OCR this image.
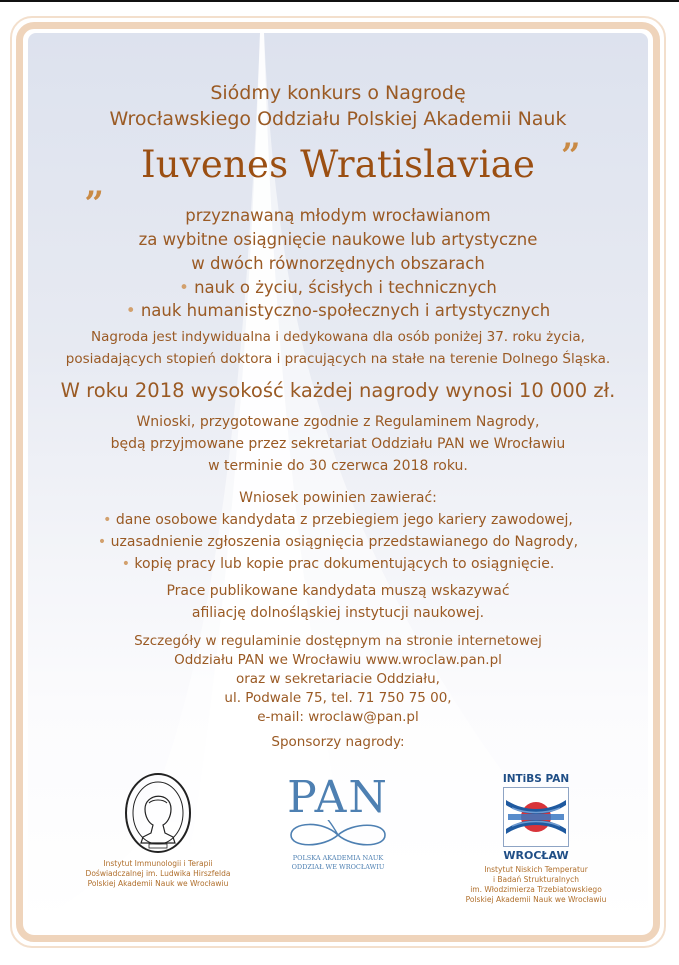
Siódmy konkurs o Nagrodę
Wrocławskiego Oddziału Polskiej Akademii Nauk
„ Iuvenes Wratislaviae ”
przyznawaną młodym wrocławianom
za wybitne osiągnięcie naukowe lub artystyczne
w dwóch równorzędnych obszarach
• nauk o życiu, ścisłych i technicznych
• nauk humanistyczno-społecznych i artystycznych
Nagroda jest indywidualna i dedykowana dla osób poniżej 37. roku życia,
posiadających stopień doktora i pracujących na stałe na terenie Dolnego Śląska.
W roku 2018 wysokość każdej nagrody wynosi 10 000 zł.
Wnioski, przygotowane zgodnie z Regulaminem Nagrody,
będą przyjmowane przez sekretariat Oddziału PAN we Wrocławiu
w terminie do 30 czerwca 2018 roku.
Wniosek powinien zawierać:
• dane osobowe kandydata z przebiegiem jego kariery zawodowej,
• uzasadnienie zgłoszenia osiągnięcia przedstawianego do Nagrody,
• kopię pracy lub kopie prac dokumentujących to osiągnięcie.
Prace publikowane kandydata muszą wskazywać
afiliację dolnośląskiej instytucji naukowej.
Szczegóły w regulaminie dostępnym na stronie internetowej
Oddziału PAN we Wrocławiu www.wroclaw.pan.pl
oraz w sekretariacie Oddziału,
ul. Podwale 75, tel. 71 750 75 00,
e-mail: wroclaw@pan.pl
Sponsorzy nagrody:
Instytut Immunologii i Terapii
Doświadczalnej im. Ludwika Hirszfelda
Polskiej Akademii Nauk we Wrocławiu
PAN
POLSKA AKADEMIA NAUK
ODDZIAŁ WE WROCŁAWIU
INTiBS PAN
WROCŁAW
Instytut Niskich Temperatur
i Badań Strukturalnych
im. Włodzimierza Trzebiatowskiego
Polskiej Akademii Nauk we Wrocławiu
